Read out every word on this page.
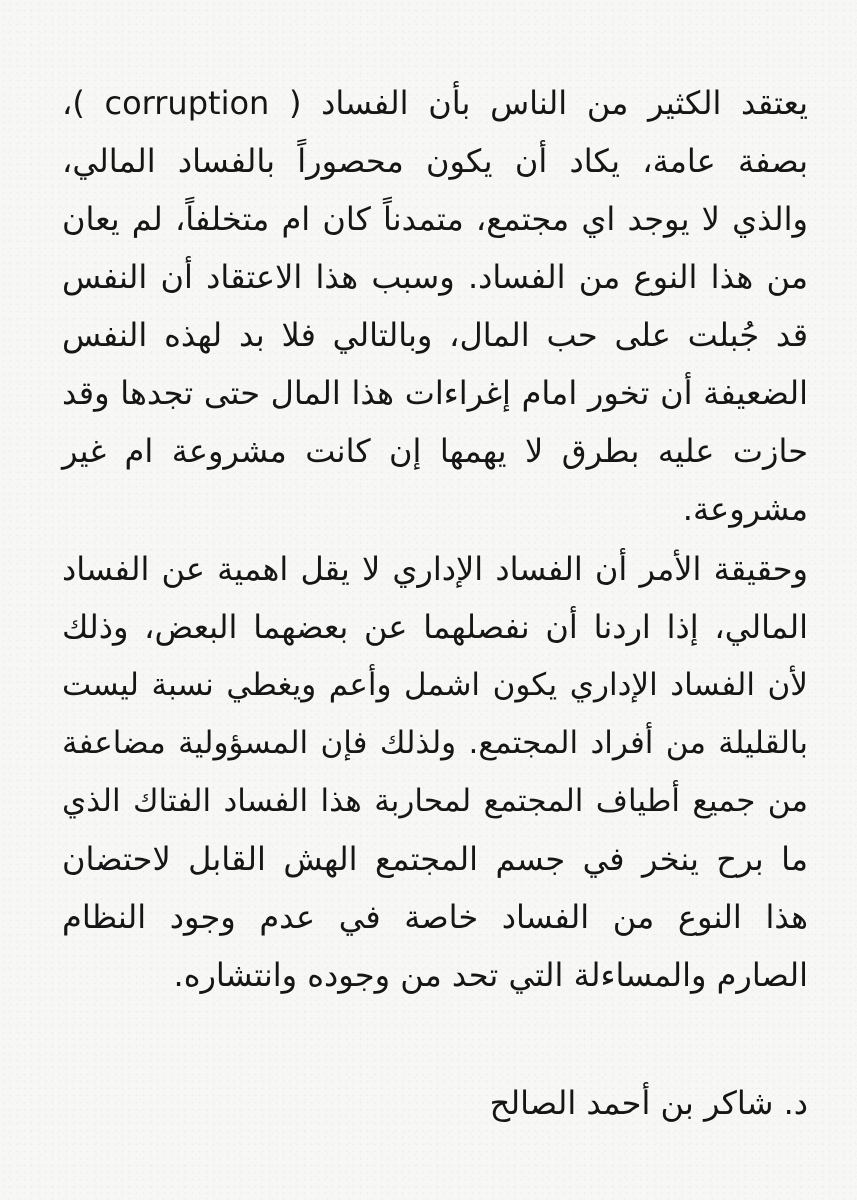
يعتقد الكثير من الناس بأن الفساد ( corruption )،
بصفة عامة، يكاد أن يكون محصوراً بالفساد المالي،
والذي لا يوجد اي مجتمع، متمدناً كان ام متخلفاً، لم يعان
من هذا النوع من الفساد. وسبب هذا الاعتقاد أن النفس
قد جُبلت على حب المال، وبالتالي فلا بد لهذه النفس
الضعيفة أن تخور امام إغراءات هذا المال حتى تجدها وقد
حازت عليه بطرق لا يهمها إن كانت مشروعة ام غير
مشروعة.
وحقيقة الأمر أن الفساد الإداري لا يقل اهمية عن الفساد
المالي، إذا اردنا أن نفصلهما عن بعضهما البعض، وذلك
لأن الفساد الإداري يكون اشمل وأعم ويغطي نسبة ليست
بالقليلة من أفراد المجتمع. ولذلك فإن المسؤولية مضاعفة
من جميع أطياف المجتمع لمحاربة هذا الفساد الفتاك الذي
ما برح ينخر في جسم المجتمع الهش القابل لاحتضان
هذا النوع من الفساد خاصة في عدم وجود النظام
الصارم والمساءلة التي تحد من وجوده وانتشاره.
د. شاكر بن أحمد الصالح
